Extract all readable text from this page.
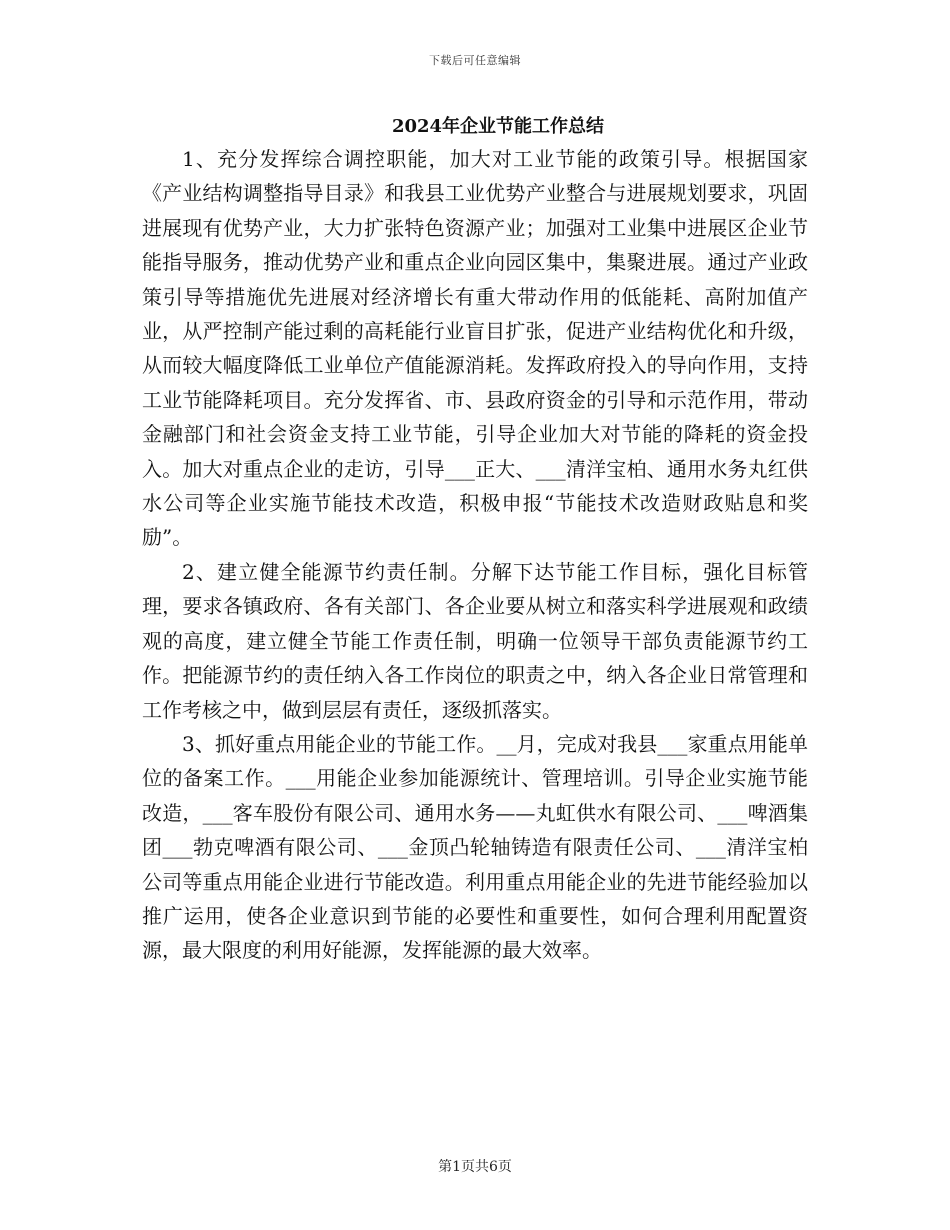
下载后可任意编辑
2024年企业节能工作总结

1、充分发挥综合调控职能，加大对工业节能的政策引导。根据国家《产业结构调整指导目录》和我县工业优势产业整合与进展规划要求，巩固进展现有优势产业，大力扩张特色资源产业；加强对工业集中进展区企业节能指导服务，推动优势产业和重点企业向园区集中，集聚进展。通过产业政策引导等措施优先进展对经济增长有重大带动作用的低能耗、高附加值产业，从严控制产能过剩的高耗能行业盲目扩张，促进产业结构优化和升级，从而较大幅度降低工业单位产值能源消耗。发挥政府投入的导向作用，支持工业节能降耗项目。充分发挥省、市、县政府资金的引导和示范作用，带动金融部门和社会资金支持工业节能，引导企业加大对节能的降耗的资金投入。加大对重点企业的走访，引导___正大、___清洋宝柏、通用水务丸红供水公司等企业实施节能技术改造，积极申报“节能技术改造财政贴息和奖励”。

2、建立健全能源节约责任制。分解下达节能工作目标，强化目标管理，要求各镇政府、各有关部门、各企业要从树立和落实科学进展观和政绩观的高度，建立健全节能工作责任制，明确一位领导干部负责能源节约工作。把能源节约的责任纳入各工作岗位的职责之中，纳入各企业日常管理和工作考核之中，做到层层有责任，逐级抓落实。

3、抓好重点用能企业的节能工作。__月，完成对我县___家重点用能单位的备案工作。___用能企业参加能源统计、管理培训。引导企业实施节能改造，___客车股份有限公司、通用水务——丸虹供水有限公司、___啤酒集团___勃克啤酒有限公司、___金顶凸轮轴铸造有限责任公司、___清洋宝柏公司等重点用能企业进行节能改造。利用重点用能企业的先进节能经验加以推广运用，使各企业意识到节能的必要性和重要性，如何合理利用配置资源，最大限度的利用好能源，发挥能源的最大效率。

第1页共6页
